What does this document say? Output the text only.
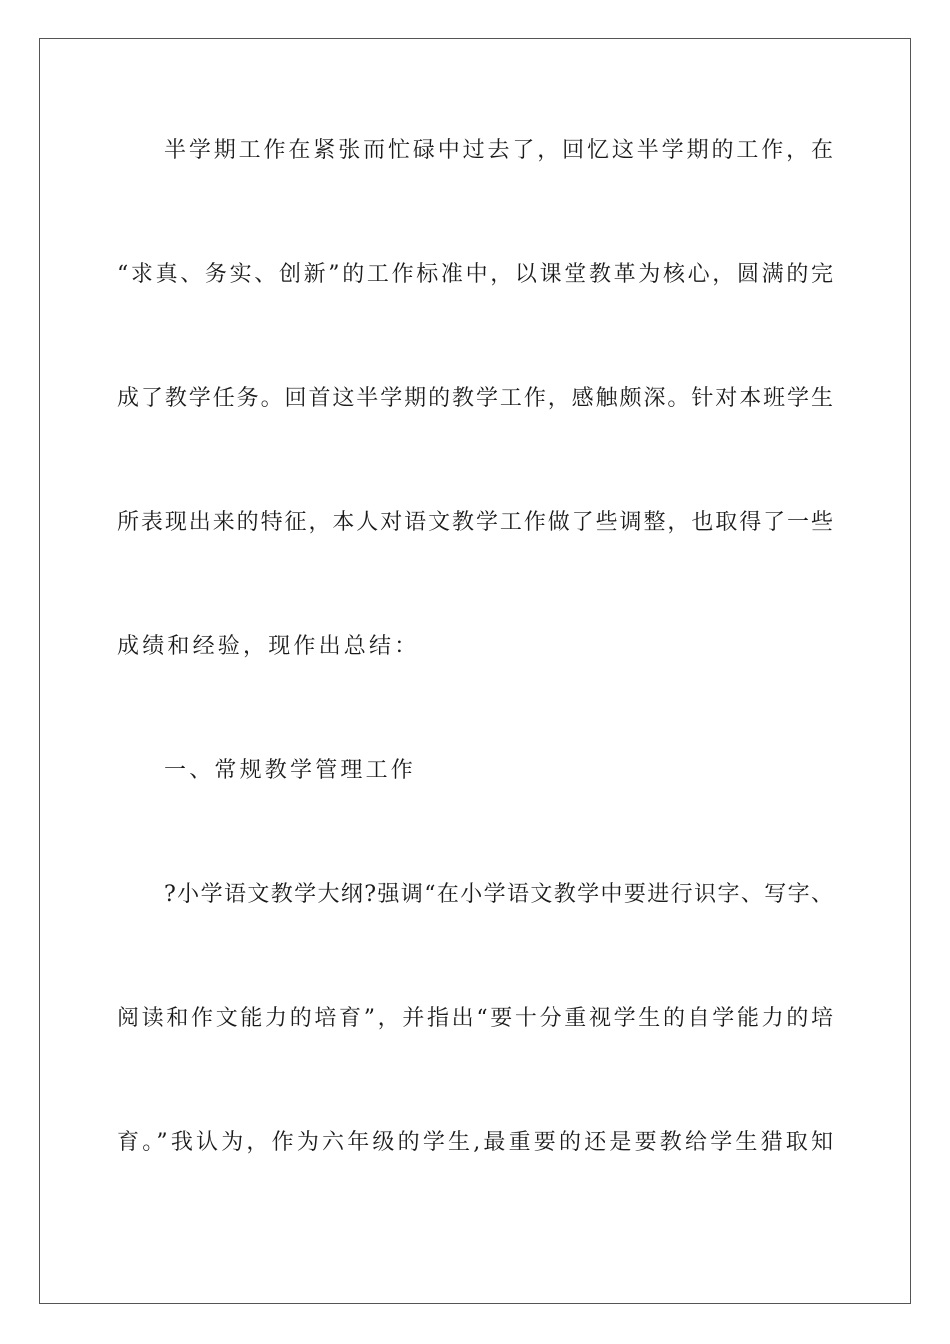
半学期工作在紧张而忙碌中过去了，回忆这半学期的工作，在
“求真、务实、创新”的工作标准中，以课堂教革为核心，圆满的完
成了教学任务。回首这半学期的教学工作，感触颇深。针对本班学生
所表现出来的特征，本人对语文教学工作做了些调整，也取得了一些
成绩和经验，现作出总结：
一、常规教学管理工作
?小学语文教学大纲?强调“在小学语文教学中要进行识字、写字、
阅读和作文能力的培育”，并指出“要十分重视学生的自学能力的培
育。”我认为，作为六年级的学生,最重要的还是要教给学生猎取知
